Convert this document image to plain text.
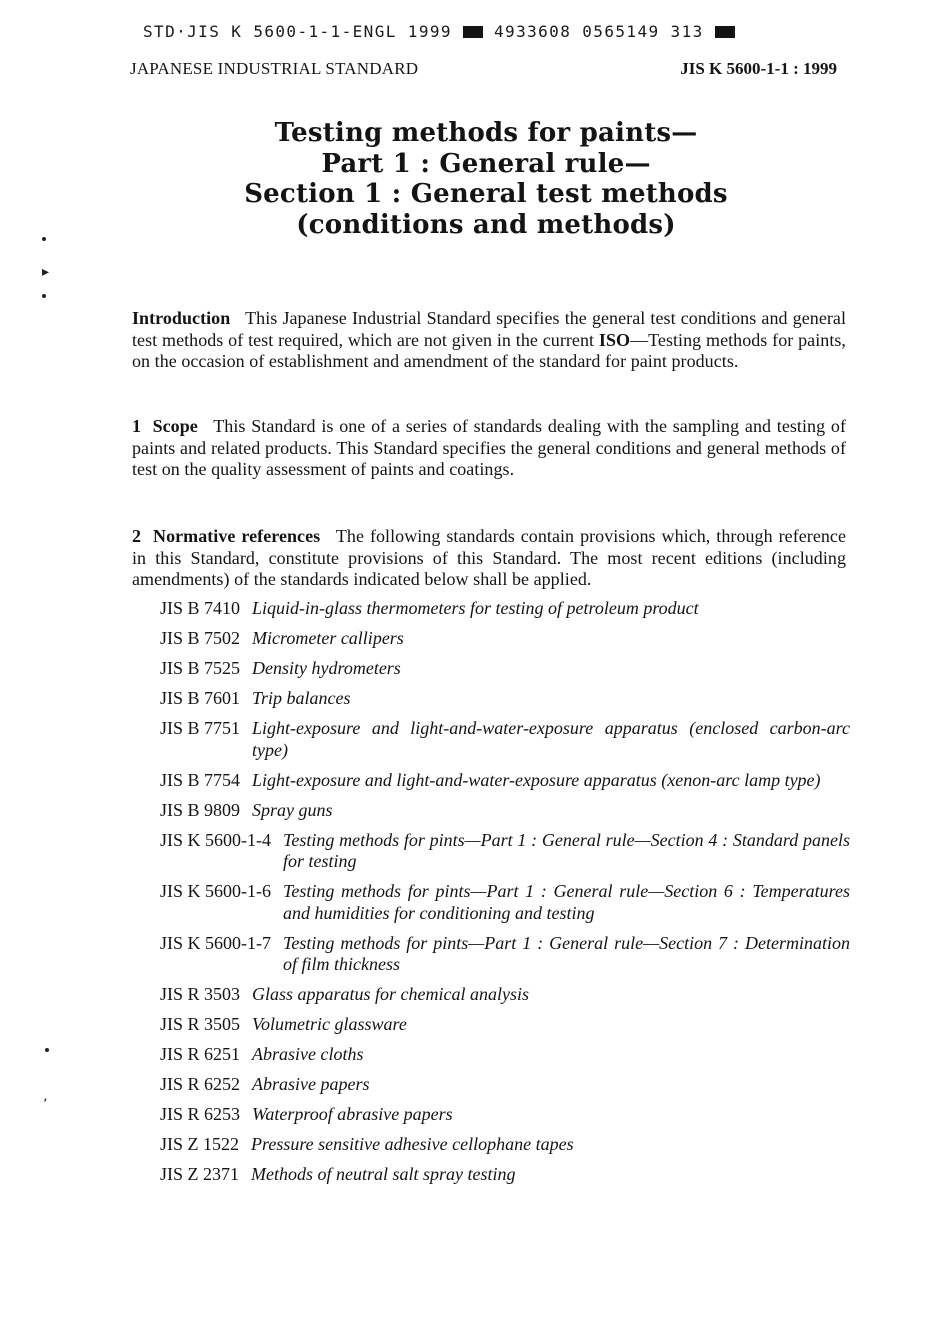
STD·JIS K 5600-1-1-ENGL 1999	4933608 0565149 313
JAPANESE INDUSTRIAL STANDARD	JIS K 5600-1-1 : 1999
Testing methods for paints—
Part 1 : General rule—
Section 1 : General test methods
(conditions and methods)
Introduction This Japanese Industrial Standard specifies the general test conditions and general test methods of test required, which are not given in the current ISO—Testing methods for paints, on the occasion of establishment and amendment of the standard for paint products.
1 Scope This Standard is one of a series of standards dealing with the sampling and testing of paints and related products. This Standard specifies the general conditions and general methods of test on the quality assessment of paints and coatings.
2 Normative references The following standards contain provisions which, through reference in this Standard, constitute provisions of this Standard. The most recent editions (including amendments) of the standards indicated below shall be applied.
JIS B 7410 Liquid-in-glass thermometers for testing of petroleum product
JIS B 7502 Micrometer callipers
JIS B 7525 Density hydrometers
JIS B 7601 Trip balances
JIS B 7751 Light-exposure and light-and-water-exposure apparatus (enclosed carbon-arc type)
JIS B 7754 Light-exposure and light-and-water-exposure apparatus (xenon-arc lamp type)
JIS B 9809 Spray guns
JIS K 5600-1-4 Testing methods for pints—Part 1 : General rule—Section 4 : Standard panels for testing
JIS K 5600-1-6 Testing methods for pints—Part 1 : General rule—Section 6 : Temperatures and humidities for conditioning and testing
JIS K 5600-1-7 Testing methods for pints—Part 1 : General rule—Section 7 : Determination of film thickness
JIS R 3503 Glass apparatus for chemical analysis
JIS R 3505 Volumetric glassware
JIS R 6251 Abrasive cloths
JIS R 6252 Abrasive papers
JIS R 6253 Waterproof abrasive papers
JIS Z 1522 Pressure sensitive adhesive cellophane tapes
JIS Z 2371 Methods of neutral salt spray testing
▸
’
